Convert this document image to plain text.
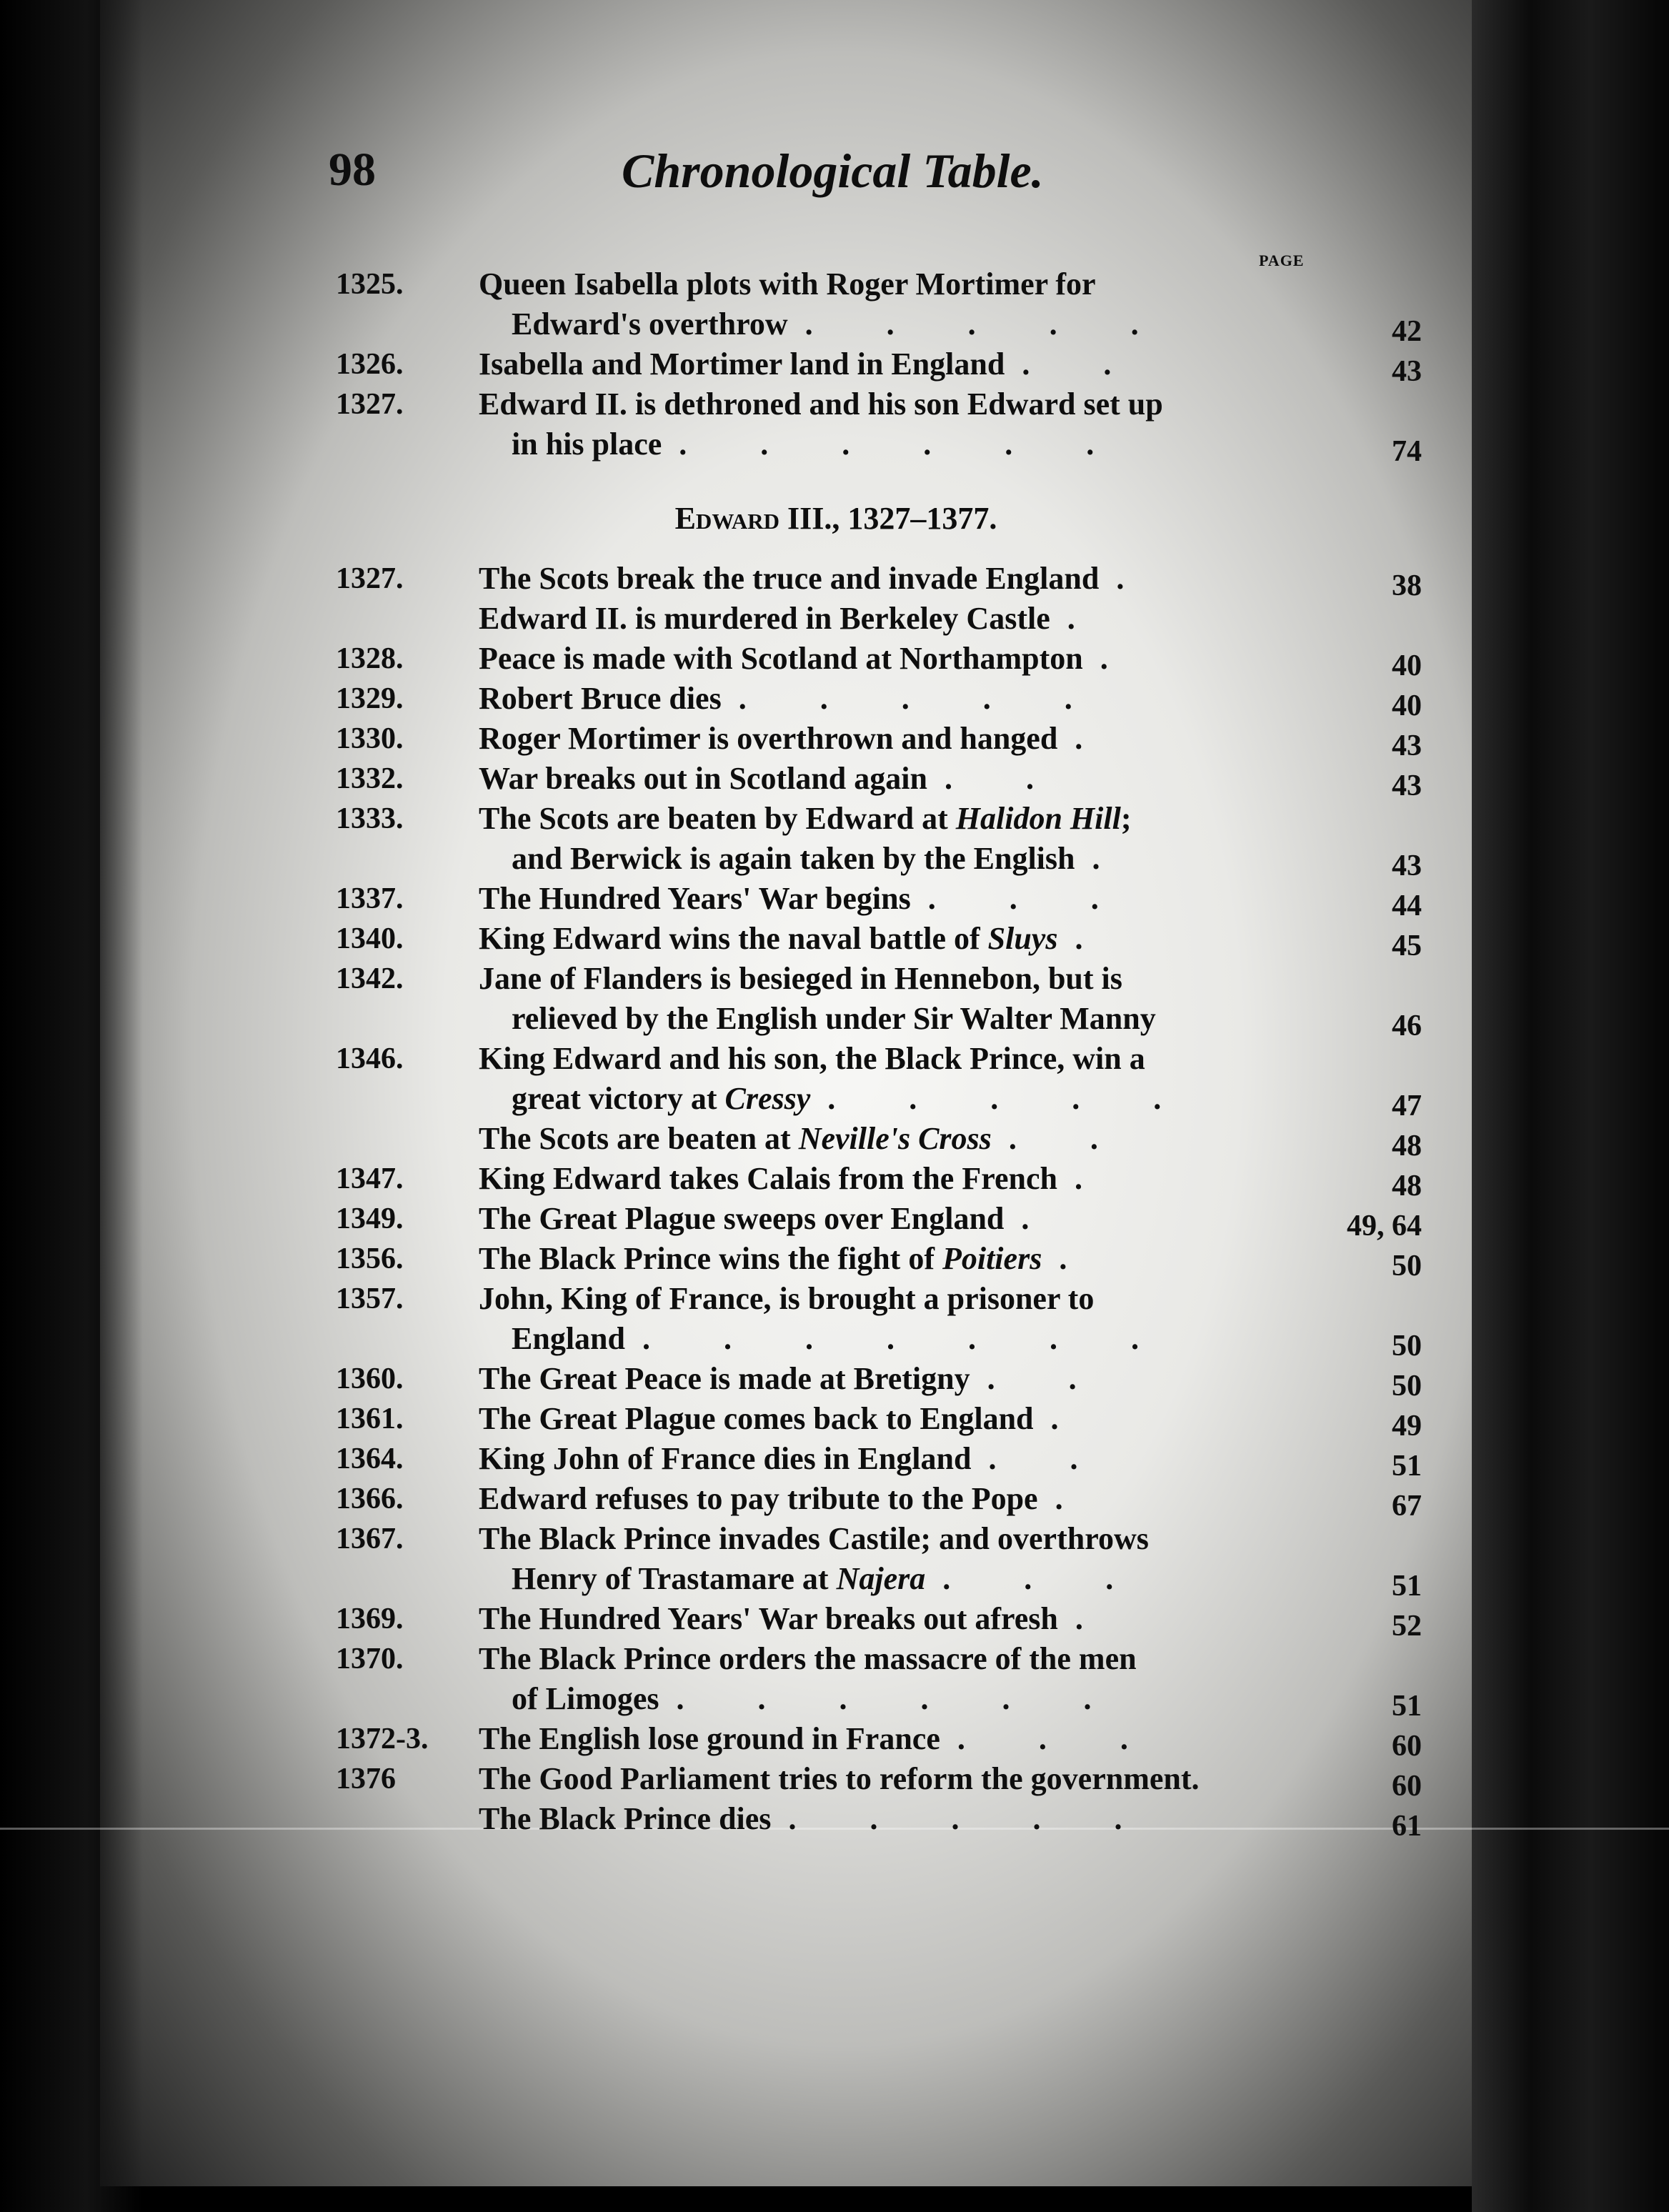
98	Chronological Table.
PAGE
1325.	Queen Isabella plots with Roger Mortimer for
Edward's overthrow . . . . .	42
1326.	Isabella and Mortimer land in England . .	43
1327.	Edward II. is dethroned and his son Edward set up
in his place . . . . . .	74
Edward III., 1327–1377.
1327.	The Scots break the truce and invade England .	38
Edward II. is murdered in Berkeley Castle .
1328.	Peace is made with Scotland at Northampton .	40
1329.	Robert Bruce dies . . . . .	40
1330.	Roger Mortimer is overthrown and hanged .	43
1332.	War breaks out in Scotland again . .	43
1333.	The Scots are beaten by Edward at Halidon Hill;
and Berwick is again taken by the English .	43
1337.	The Hundred Years' War begins . . .	44
1340.	King Edward wins the naval battle of Sluys .	45
1342.	Jane of Flanders is besieged in Hennebon, but is
relieved by the English under Sir Walter Manny	46
1346.	King Edward and his son, the Black Prince, win a
great victory at Cressy . . . . .	47
The Scots are beaten at Neville's Cross . .	48
1347.	King Edward takes Calais from the French .	48
1349.	The Great Plague sweeps over England .	49, 64
1356.	The Black Prince wins the fight of Poitiers .	50
1357.	John, King of France, is brought a prisoner to
England . . . . . . .	50
1360.	The Great Peace is made at Bretigny . .	50
1361.	The Great Plague comes back to England .	49
1364.	King John of France dies in England . .	51
1366.	Edward refuses to pay tribute to the Pope .	67
1367.	The Black Prince invades Castile; and overthrows
Henry of Trastamare at Najera . . .	51
1369.	The Hundred Years' War breaks out afresh .	52
1370.	The Black Prince orders the massacre of the men
of Limoges . . . . . .	51
1372-3.	The English lose ground in France . . .	60
1376	The Good Parliament tries to reform the government.	60
The Black Prince dies . . . . .	61
